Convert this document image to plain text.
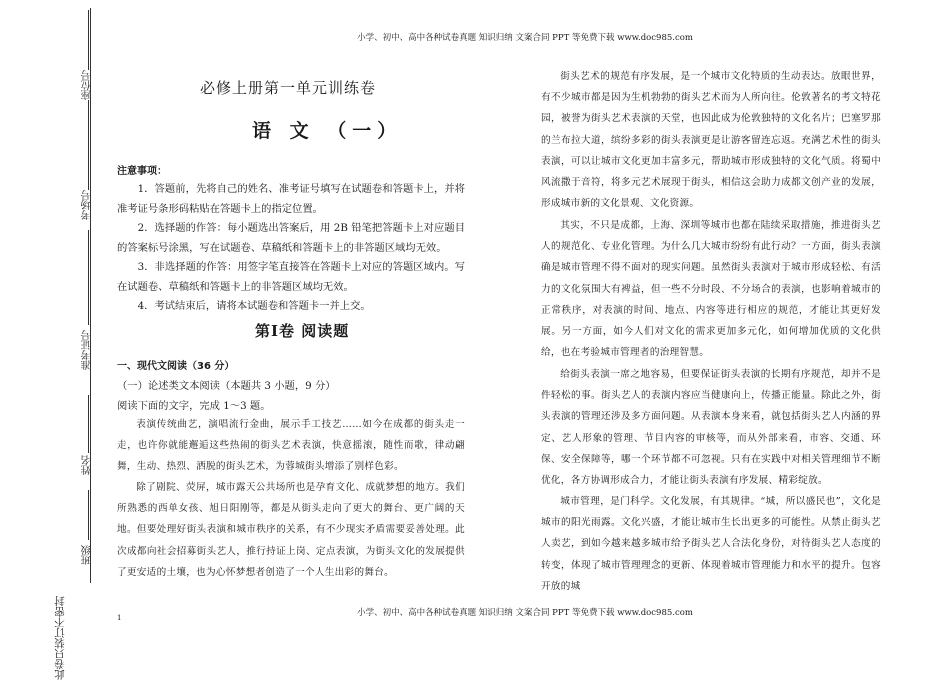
小学、初中、高中各种试卷真题 知识归纳 文案合同 PPT 等免费下载 www.doc985.com
座位号
考场号
准考证号
姓名
班级
此卷只装订不密封	1
必修上册第一单元训练卷
语 文 （一）
注意事项：

1．答题前，先将自己的姓名、准考证号填写在试题卷和答题卡上，并将准考证号条形码粘贴在答题卡上的指定位置。

2．选择题的作答：每小题选出答案后，用 2B 铅笔把答题卡上对应题目的答案标号涂黑，写在试题卷、草稿纸和答题卡上的非答题区域均无效。

3．非选择题的作答：用签字笔直接答在答题卡上对应的答题区域内。写在试题卷、草稿纸和答题卡上的非答题区域均无效。

4．考试结束后，请将本试题卷和答题卡一并上交。

第Ⅰ卷 阅读题
一、现代文阅读（36 分）
（一）论述类文本阅读（本题共 3 小题，9 分）
阅读下面的文字，完成 1～3 题。

表演传统曲艺，演唱流行金曲，展示手工技艺……如今在成都的街头走一走，也许你就能邂逅这些热闹的街头艺术表演，快意摇滚，随性而歌，律动翩舞，生动、热烈、洒脱的街头艺术，为蓉城街头增添了别样色彩。

除了剧院、荧屏，城市露天公共场所也是孕育文化、成就梦想的地方。我们所熟悉的西单女孩、旭日阳刚等，都是从街头走向了更大的舞台、更广阔的天地。但要处理好街头表演和城市秩序的关系，有不少现实矛盾需要妥善处理。此次成都向社会招募街头艺人，推行持证上岗、定点表演，为街头文化的发展提供了更安适的土壤，也为心怀梦想者创造了一个人生出彩的舞台。

街头艺术的规范有序发展，是一个城市文化特质的生动表达。放眼世界，有不少城市都是因为生机勃勃的街头艺术而为人所向往。伦敦著名的考文特花园，被誉为街头艺术表演的天堂，也因此成为伦敦独特的文化名片；巴塞罗那的兰布拉大道，缤纷多彩的街头表演更是让游客留连忘返。充满艺术性的街头表演，可以让城市文化更加丰富多元，帮助城市形成独特的文化气质。将蜀中风流撒于音符，将多元艺术展现于街头，相信这会助力成都文创产业的发展，形成城市新的文化景观、文化资源。

其实，不只是成都，上海、深圳等城市也都在陆续采取措施，推进街头艺人的规范化、专业化管理。为什么几大城市纷纷有此行动？一方面，街头表演确是城市管理不得不面对的现实问题。虽然街头表演对于城市形成轻松、有活力的文化氛围大有裨益，但一些不分时段、不分场合的表演，也影响着城市的正常秩序，对表演的时间、地点、内容等进行相应的规范，才能让其更好发展。另一方面，如今人们对文化的需求更加多元化，如何增加优质的文化供给，也在考验城市管理者的治理智慧。

给街头表演一席之地容易，但要保证街头表演的长期有序规范，却并不是件轻松的事。街头艺人的表演内容应当健康向上，传播正能量。除此之外，街头表演的管理还涉及多方面问题。从表演本身来看，就包括街头艺人内涵的界定、艺人形象的管理、节目内容的审核等，而从外部来看，市容、交通、环保、安全保障等，哪一个环节都不可忽视。只有在实践中对相关管理细节不断优化，各方协调形成合力，才能让街头表演有序发展、精彩绽放。

城市管理，是门科学。文化发展，有其规律。“城，所以盛民也”，文化是城市的阳光雨露。文化兴盛，才能让城市生长出更多的可能性。从禁止街头艺人卖艺，到如今越来越多城市给予街头艺人合法化身份，对待街头艺人态度的转变，体现了城市管理理念的更新、体现着城市管理能力和水平的提升。包容开放的城

小学、初中、高中各种试卷真题 知识归纳 文案合同 PPT 等免费下载 www.doc985.com
